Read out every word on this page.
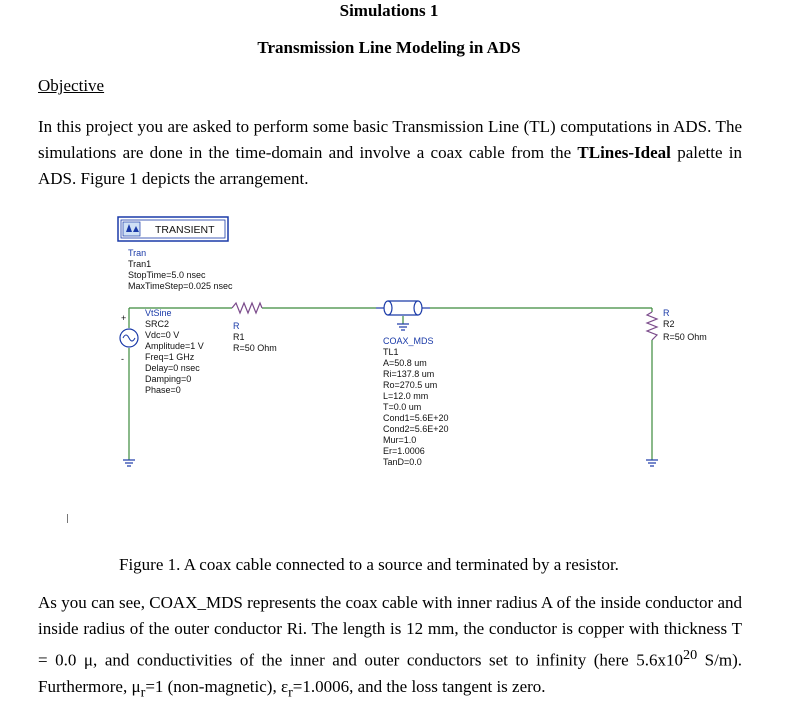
Simulations 1
Transmission Line Modeling in ADS
Objective
In this project you are asked to perform some basic Transmission Line (TL) computations in ADS. The simulations are done in the time-domain and involve a coax cable from the TLines-Ideal palette in ADS. Figure 1 depicts the arrangement.
TRANSIENT
Tran
Tran1
StopTime=5.0 nsec
MaxTimeStep=0.025 nsec
+
-
VtSine
SRC2
Vdc=0 V
Amplitude=1 V
Freq=1 GHz
Delay=0 nsec
Damping=0
Phase=0
R
R1
R=50 Ohm
COAX_MDS
TL1
A=50.8 um
Ri=137.8 um
Ro=270.5 um
L=12.0 mm
T=0.0 um
Cond1=5.6E+20
Cond2=5.6E+20
Mur=1.0
Er=1.0006
TanD=0.0
R
R2
R=50 Ohm
Figure 1. A coax cable connected to a source and terminated by a resistor.
As you can see, COAX_MDS represents the coax cable with inner radius A of the inside conductor and inside radius of the outer conductor Ri. The length is 12 mm, the conductor is copper with thickness T = 0.0 μ, and conductivities of the inner and outer conductors set to infinity (here $5.6x10^{20}$ S/m). Furthermore, $\mu_r=1$ (non-magnetic), $\varepsilon_r=1.0006$, and the loss tangent is zero.
